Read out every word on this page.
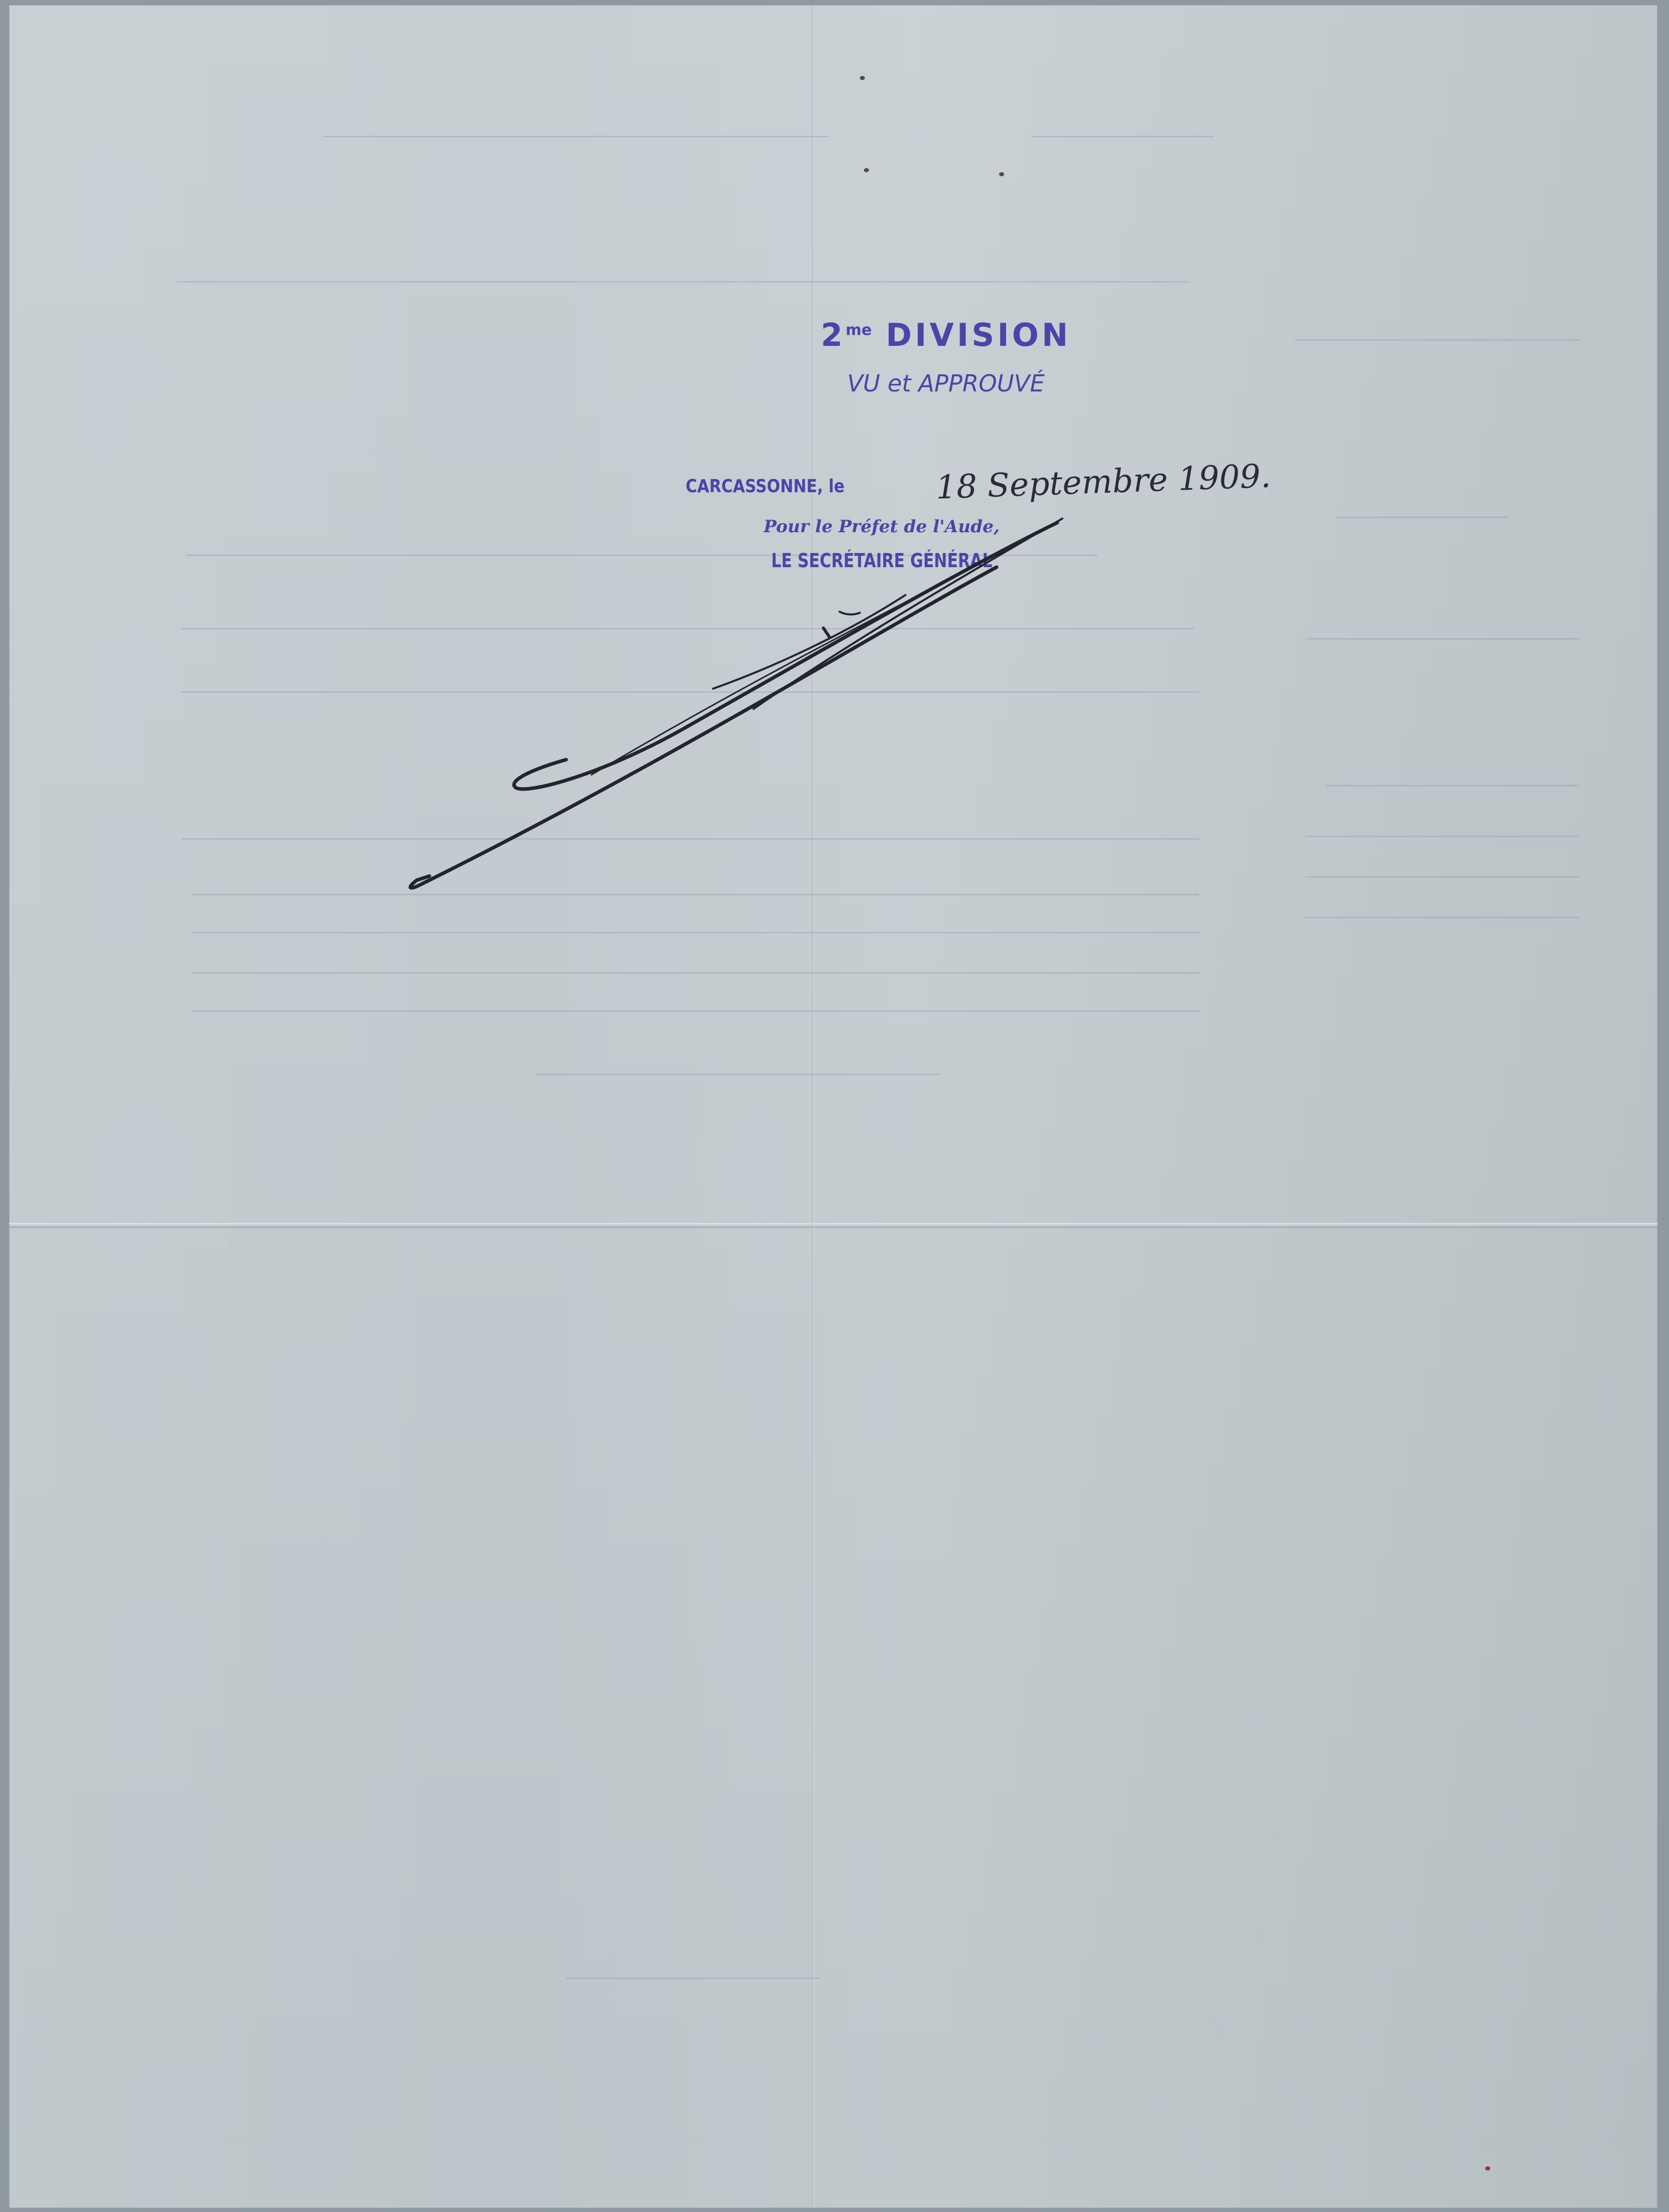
$2^{me}$ DIVISION
VU et APPROUVÉ
CARCASSONNE, le	18 Septembre 1909.
Pour le Préfet de l'Aude,
LE SECRÉTAIRE GÉNÉRAL
